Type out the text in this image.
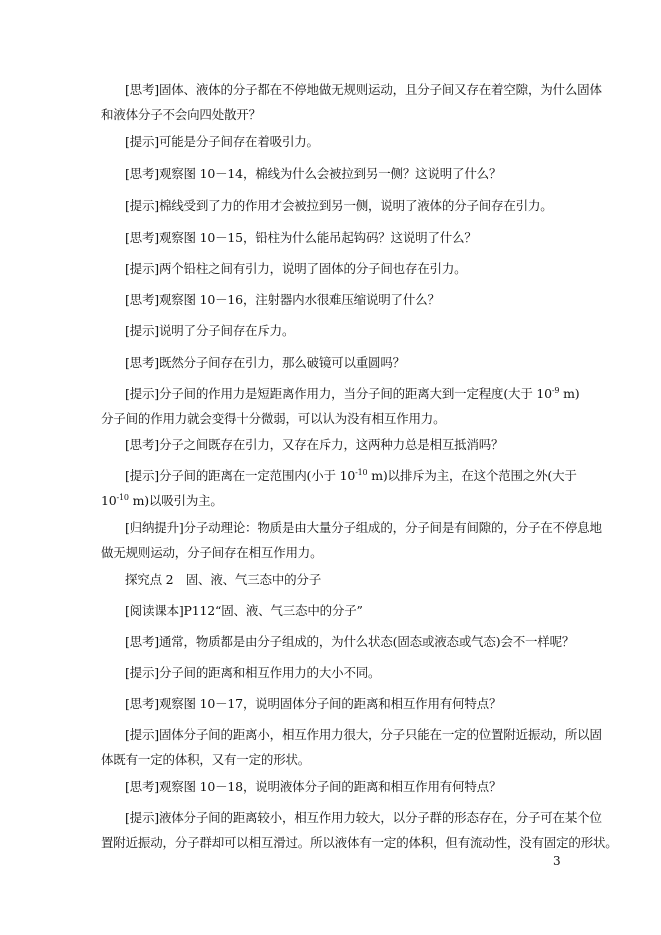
[思考]固体、液体的分子都在不停地做无规则运动，且分子间又存在着空隙，为什么固体
和液体分子不会向四处散开？
[提示]可能是分子间存在着吸引力。
[思考]观察图 10－14，棉线为什么会被拉到另一侧？这说明了什么？
[提示]棉线受到了力的作用才会被拉到另一侧，说明了液体的分子间存在引力。
[思考]观察图 10－15，铅柱为什么能吊起钩码？这说明了什么？
[提示]两个铅柱之间有引力，说明了固体的分子间也存在引力。
[思考]观察图 10－16，注射器内水很难压缩说明了什么？
[提示]说明了分子间存在斥力。
[思考]既然分子间存在引力，那么破镜可以重圆吗？
[提示]分子间的作用力是短距离作用力，当分子间的距离大到一定程度(大于 $10^{-9}$ m)
分子间的作用力就会变得十分微弱，可以认为没有相互作用力。
[思考]分子之间既存在引力，又存在斥力，这两种力总是相互抵消吗？
[提示]分子间的距离在一定范围内(小于 $10^{-10}$ m)以排斥为主，在这个范围之外(大于
$10^{-10}$ m)以吸引为主。
[归纳提升]分子动理论：物质是由大量分子组成的，分子间是有间隙的，分子在不停息地
做无规则运动，分子间存在相互作用力。
探究点 2　固、液、气三态中的分子
[阅读课本]P112“固、液、气三态中的分子”
[思考]通常，物质都是由分子组成的，为什么状态(固态或液态或气态)会不一样呢？
[提示]分子间的距离和相互作用力的大小不同。
[思考]观察图 10－17，说明固体分子间的距离和相互作用有何特点？
[提示]固体分子间的距离小，相互作用力很大，分子只能在一定的位置附近振动，所以固
体既有一定的体积，又有一定的形状。
[思考]观察图 10－18，说明液体分子间的距离和相互作用有何特点？
[提示]液体分子间的距离较小，相互作用力较大，以分子群的形态存在，分子可在某个位
置附近振动，分子群却可以相互滑过。所以液体有一定的体积，但有流动性，没有固定的形状。
3
